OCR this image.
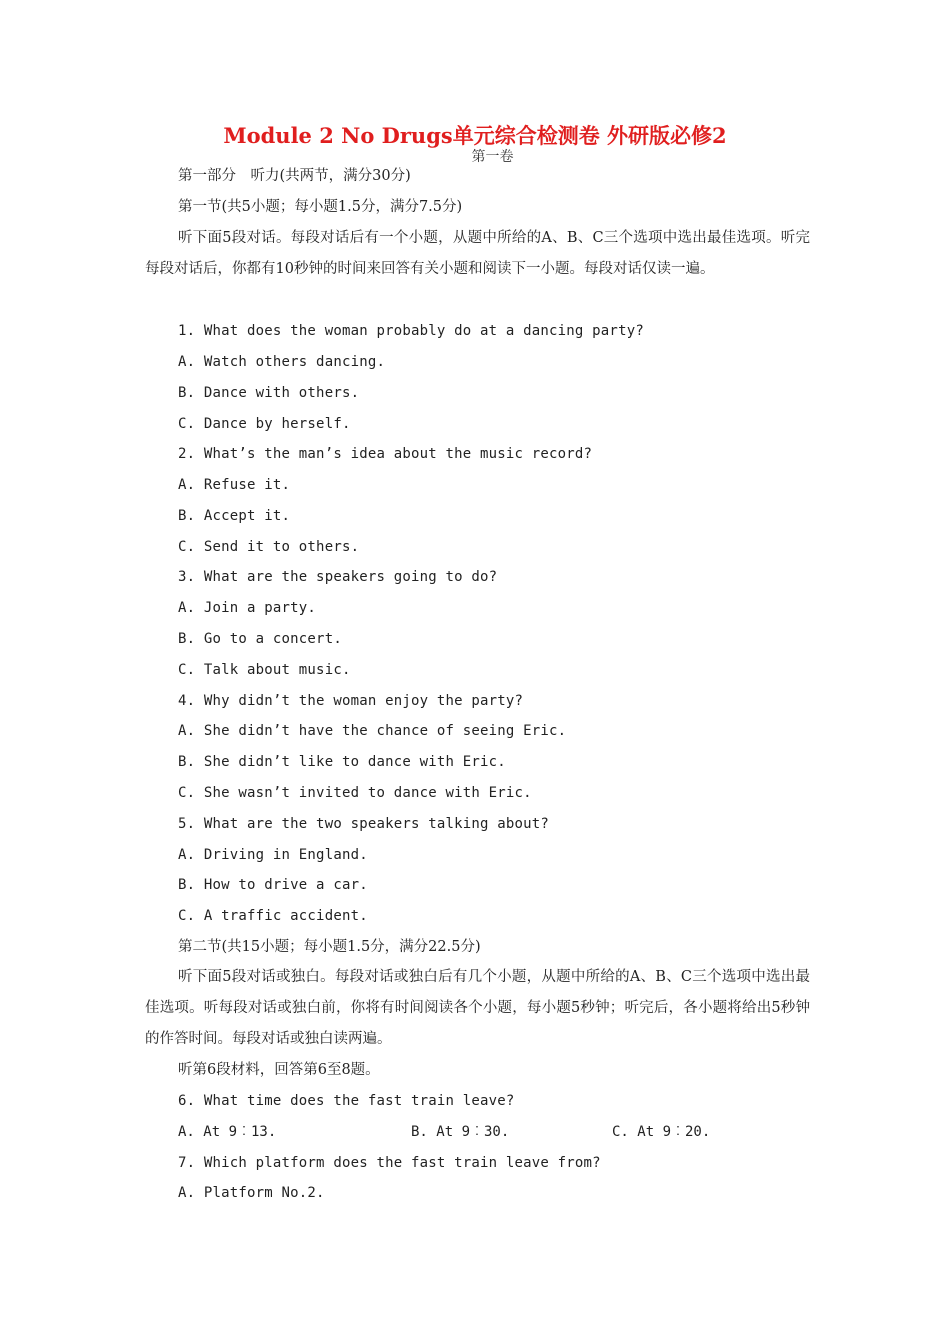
Module 2 No Drugs单元综合检测卷 外研版必修2
第一卷
第一部分　听力(共两节，满分30分)
第一节(共5小题；每小题1.5分，满分7.5分)
听下面5段对话。每段对话后有一个小题，从题中所给的A、B、C三个选项中选出最佳选项。听完每段对话后，你都有10秒钟的时间来回答有关小题和阅读下一小题。每段对话仅读一遍。
1. What does the woman probably do at a dancing party?
A. Watch others dancing.
B. Dance with others.
C. Dance by herself.
2. What’s the man’s idea about the music record?
A. Refuse it.
B. Accept it.
C. Send it to others.
3. What are the speakers going to do?
A. Join a party.
B. Go to a concert.
C. Talk about music.
4. Why didn’t the woman enjoy the party?
A. She didn’t have the chance of seeing Eric.
B. She didn’t like to dance with Eric.
C. She wasn’t invited to dance with Eric.
5. What are the two speakers talking about?
A. Driving in England.
B. How to drive a car.
C. A traffic accident.
第二节(共15小题；每小题1.5分，满分22.5分)
听下面5段对话或独白。每段对话或独白后有几个小题，从题中所给的A、B、C三个选项中选出最佳选项。听每段对话或独白前，你将有时间阅读各个小题，每小题5秒钟；听完后，各小题将给出5秒钟的作答时间。每段对话或独白读两遍。
听第6段材料，回答第6至8题。
6. What time does the fast train leave?
A. At 9︰13.	B. At 9︰30.	C. At 9︰20.
7. Which platform does the fast train leave from?
A. Platform No.2.
